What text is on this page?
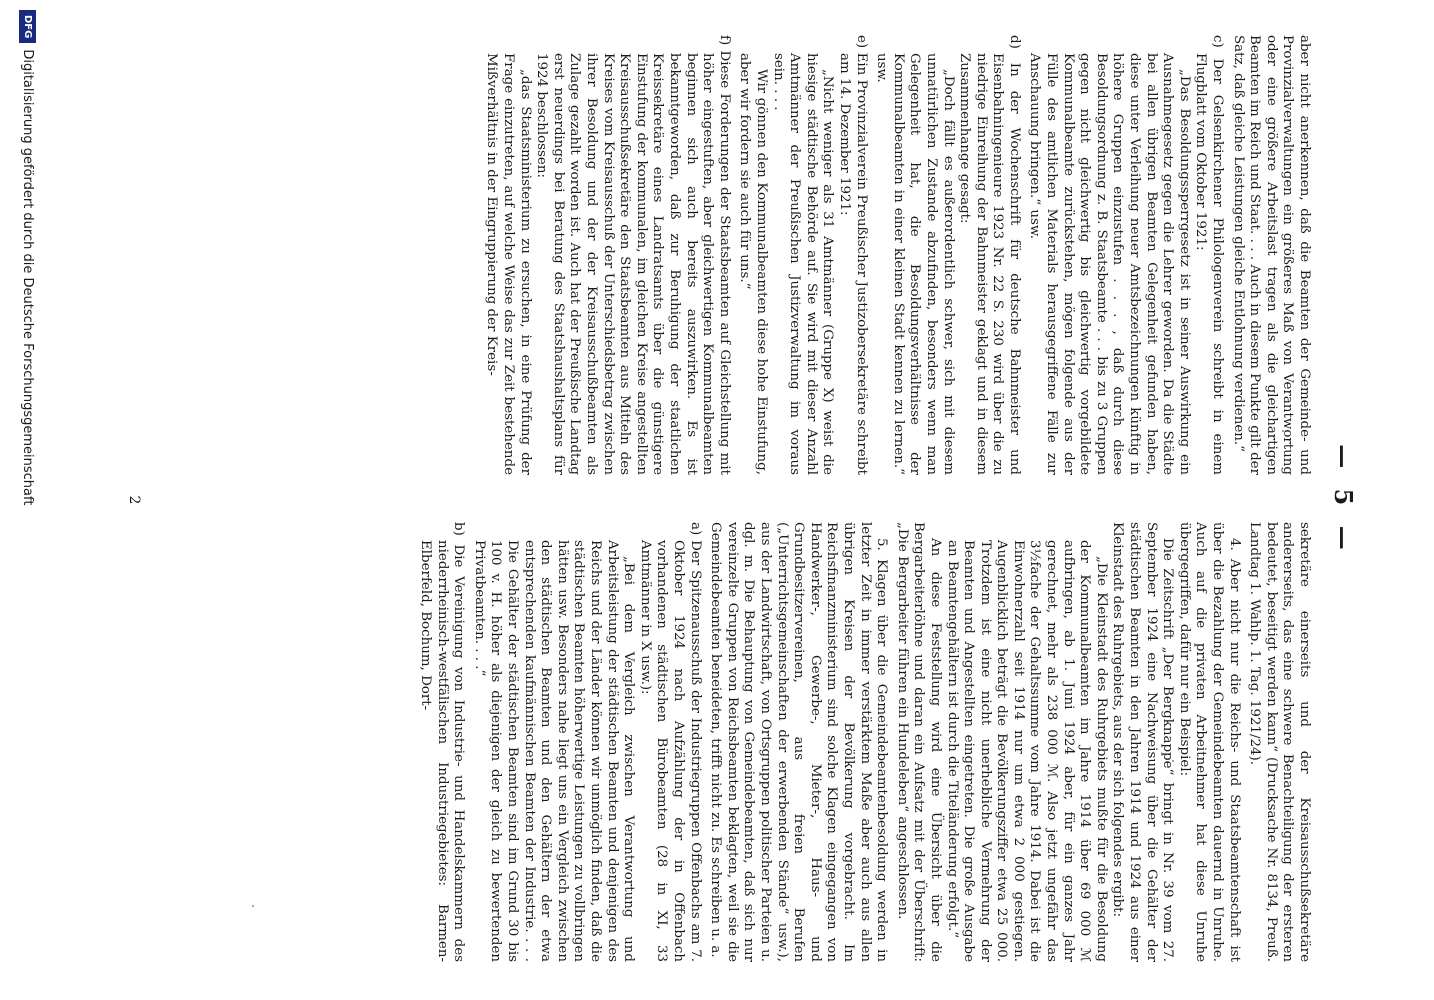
— 5 —

aber nicht anerkennen, daß die Beamten der Gemeinde- und Provinzialverwaltungen ein größeres Maß von Verantwortung oder eine größere Arbeitslast tragen als die gleichartigen Beamten im Reich und Staat. . . . Auch in diesem Punkte gilt der Satz, daß gleiche Leistungen gleiche Entlohnung verdienen.“

c) Der Gelsenkirchener Philologenverein schreibt in einem Flugblatt vom Oktober 1921:

„Das Besoldungssperrgesetz ist in seiner Auswirkung ein Ausnahmegesetz gegen die Lehrer geworden. Da die Städte bei allen übrigen Beamten Gelegenheit gefunden haben, diese unter Verleihung neuer Amtsbezeichnungen künftig in höhere Gruppen einzustufen . . . , daß durch diese Besoldungsordnung z. B. Staatsbeamte . . . bis zu 3 Gruppen gegen nicht gleichwertig bis gleichwertig vorgebildete Kommunalbeamte zurückstehen, mögen folgende aus der Fülle des amtlichen Materials herausgegriffene Fälle zur Anschauung bringen.“ usw.

d) In der Wochenschrift für deutsche Bahnmeister und Eisenbahningenieure 1923 Nr. 22 S. 230 wird über die zu niedrige Einreihung der Bahnmeister geklagt und in diesem Zusammenhange gesagt:

„Doch fällt es außerordentlich schwer, sich mit diesem unnatürlichen Zustande abzufinden, besonders wenn man Gelegenheit hat, die Besoldungsverhältnisse der Kommunalbeamten in einer kleinen Stadt kennen zu lernen.“ usw.

e) Ein Provinzialverein Preußischer Justizobersekretäre schreibt am 14. Dezember 1921:

„Nicht weniger als 31 Amtmänner (Gruppe X) weist die hiesige städtische Behörde auf. Sie wird mit dieser Anzahl Amtmänner der Preußischen Justizverwaltung im voraus sein. . . .

Wir gönnen den Kommunalbeamten diese hohe Einstufung, aber wir fordern sie auch für uns.“

f) Diese Forderungen der Staatsbeamten auf Gleichstellung mit höher eingestuften, aber gleichwertigen Kommunalbeamten beginnen sich auch bereits auszuwirken. Es ist bekanntgeworden, daß zur Beruhigung der staatlichen Kreissekretäre eines Landratsamts über die günstigere Einstufung der kommunalen, im gleichen Kreise angestellten Kreisausschußsekretäre den Staatsbeamten aus Mitteln des Kreises vom Kreisausschuß der Unterschiedsbetrag zwischen ihrer Besoldung und der der Kreisausschußbeamten als Zulage gezahlt worden ist. Auch hat der Preußische Landtag erst neuerdings bei Beratung des Staatshaushaltsplans für 1924 beschlossen:

„das Staatsministerium zu ersuchen, in eine Prüfung der Frage einzutreten, auf welche Weise das zur Zeit bestehende Mißverhältnis in der Eingruppierung der Kreis-

sekretäre einerseits und der Kreisausschußsekretäre andererseits, das eine schwere Benachteiligung der ersteren bedeutet, beseitigt werden kann“ (Drucksache Nr. 8134, Preuß. Landtag 1. Wahlp. 1. Tag. 1921/24).

4. Aber nicht nur die Reichs- und Staatsbeamtenschaft ist über die Bezahlung der Gemeindebeamten dauernd in Unruhe. Auch auf die privaten Arbeitnehmer hat diese Unruhe übergegriffen, dafür nur ein Beispiel:

Die Zeitschrift „Der Bergknappe“ bringt in Nr. 39 vom 27. September 1924 eine Nachweisung über die Gehälter der städtischen Beamten in den Jahren 1914 und 1924 aus einer Kleinstadt des Ruhrgebiets, aus der sich folgendes ergibt:

„Die Kleinstadt des Ruhrgebiets mußte für die Besoldung der Kommunalbeamten im Jahre 1914 über 69 000 ℳ aufbringen, ab 1. Juni 1924 aber, für ein ganzes Jahr gerechnet, mehr als 238 000 ℳ. Also jetzt ungefähr das 3½fache der Gehaltssumme vom Jahre 1914. Dabei ist die Einwohnerzahl seit 1914 nur um etwa 2 000 gestiegen. Augenblicklich beträgt die Bevölkerungsziffer etwa 25 000. Trotzdem ist eine nicht unerhebliche Vermehrung der Beamten und Angestellten eingetreten. Die große Ausgabe an Beamtengehältern ist durch die Titeländerung erfolgt.“

An diese Feststellung wird eine Übersicht über die Bergarbeiterlöhne und daran ein Aufsatz mit der Überschrift: „Die Bergarbeiter führen ein Hundeleben“ angeschlossen.

5. Klagen über die Gemeindebeamtenbesoldung werden in letzter Zeit in immer verstärktem Maße aber auch aus allen übrigen Kreisen der Bevölkerung vorgebracht. Im Reichsfinanzministerium sind solche Klagen eingegangen von Handwerker-, Gewerbe-, Mieter-, Haus- und Grundbesitzervereinen, aus freien Berufen („Unterrichtsgemeinschaften der erwerbenden Stände“ usw.), aus der Landwirtschaft, von Ortsgruppen politischer Parteien u. dgl. m. Die Behauptung von Gemeindebeamten, daß sich nur vereinzelte Gruppen von Reichsbeamten beklagten, weil sie die Gemeindebeamten beneideten, trifft nicht zu. Es schreiben u. a.

a) Der Spitzenausschuß der Industriegruppen Offenbachs am 7. Oktober 1924 nach Aufzählung der in Offenbach vorhandenen städtischen Bürobeamten (28 in XI, 33 Amtmänner in X usw.):

„Bei dem Vergleich zwischen Verantwortung und Arbeitsleistung der städtischen Beamten und denjenigen des Reichs und der Länder können wir unmöglich finden, daß die städtischen Beamten höherwertige Leistungen zu vollbringen hätten usw. Besonders nahe liegt uns ein Vergleich zwischen den städtischen Beamten und den Gehältern der etwa entsprechenden kaufmännischen Beamten der Industrie. . . . Die Gehälter der städtischen Beamten sind im Grund 30 bis 100 v. H. höher als diejenigen der gleich zu bewertenden Privatbeamten. . . .“

b) Die Vereinigung von Industrie- und Handelskammern des niederrheinisch-westfälischen Industriegebietes: Barmen-Elberfeld, Bochum, Dort-

2
DFG
Digitalisierung gefördert durch die Deutsche Forschungsgemeinschaft
